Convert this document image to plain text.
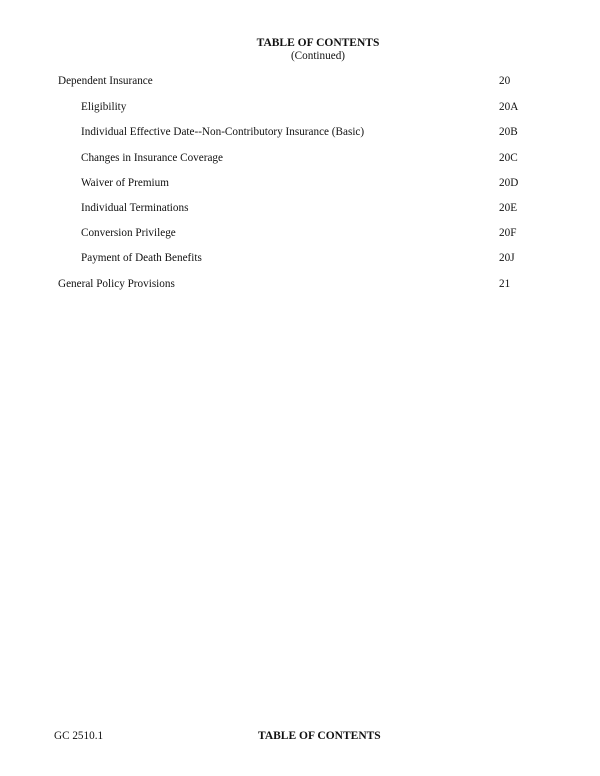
TABLE OF CONTENTS
(Continued)
Dependent Insurance	20
Eligibility	20A
Individual Effective Date--Non-Contributory Insurance (Basic)	20B
Changes in Insurance Coverage	20C
Waiver of Premium	20D
Individual Terminations	20E
Conversion Privilege	20F
Payment of Death Benefits	20J
General Policy Provisions	21
GC 2510.1	TABLE OF CONTENTS
